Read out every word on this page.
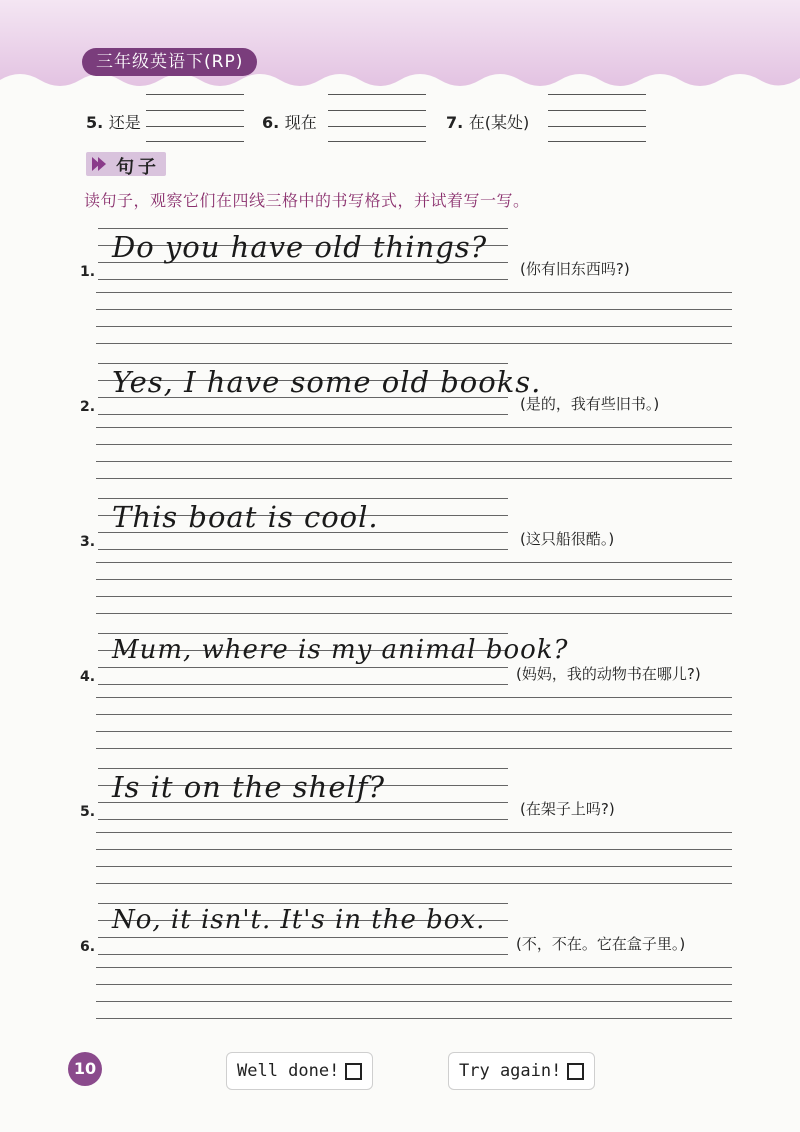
三年级英语下(RP)
5. 还是	6. 现在	7. 在(某处)
句子
读句子，观察它们在四线三格中的书写格式，并试着写一写。
1.
Do you have old things?
(你有旧东西吗?)
2.
Yes, I have some old books.
(是的，我有些旧书。)
3.
This boat is cool.
(这只船很酷。)
4.
Mum, where is my animal book?
(妈妈，我的动物书在哪儿?)
5.
Is it on the shelf?
(在架子上吗?)
6.
No, it isn't. It's in the box.
(不，不在。它在盒子里。)
10	Well done!	Try again!
